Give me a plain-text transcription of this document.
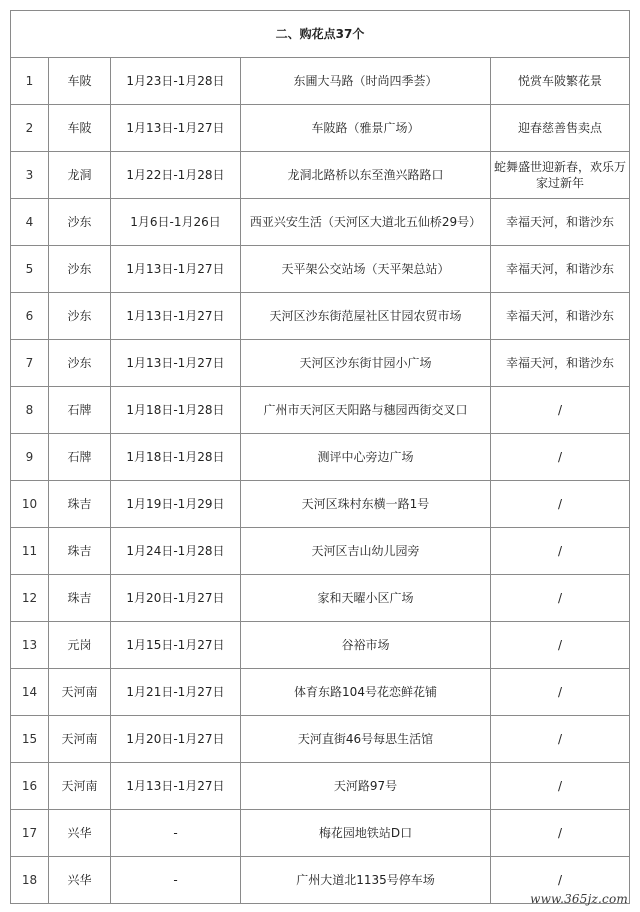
二、购花点37个				
1	车陂	1月23日-1月28日	东圃大马路（时尚四季荟）	悦赏车陂繁花景
2	车陂	1月13日-1月27日	车陂路（雅景广场）	迎春慈善售卖点
3	龙洞	1月22日-1月28日	龙洞北路桥以东至渔兴路路口	蛇舞盛世迎新春，欢乐万家过新年
4	沙东	1月6日-1月26日	西亚兴安生活（天河区大道北五仙桥29号）	幸福天河，和谐沙东
5	沙东	1月13日-1月27日	天平架公交站场（天平架总站）	幸福天河，和谐沙东
6	沙东	1月13日-1月27日	天河区沙东街范屋社区甘园农贸市场	幸福天河，和谐沙东
7	沙东	1月13日-1月27日	天河区沙东街甘园小广场	幸福天河，和谐沙东
8	石牌	1月18日-1月28日	广州市天河区天阳路与穗园西街交叉口	/
9	石牌	1月18日-1月28日	测评中心旁边广场	/
10	珠吉	1月19日-1月29日	天河区珠村东横一路1号	/
11	珠吉	1月24日-1月28日	天河区吉山幼儿园旁	/
12	珠吉	1月20日-1月27日	家和天曜小区广场	/
13	元岗	1月15日-1月27日	谷裕市场	/
14	天河南	1月21日-1月27日	体育东路104号花恋鲜花铺	/
15	天河南	1月20日-1月27日	天河直街46号每思生活馆	/
16	天河南	1月13日-1月27日	天河路97号	/
17	兴华	-	梅花园地铁站D口	/
18	兴华	-	广州大道北1135号停车场	/
www.365jz.com
